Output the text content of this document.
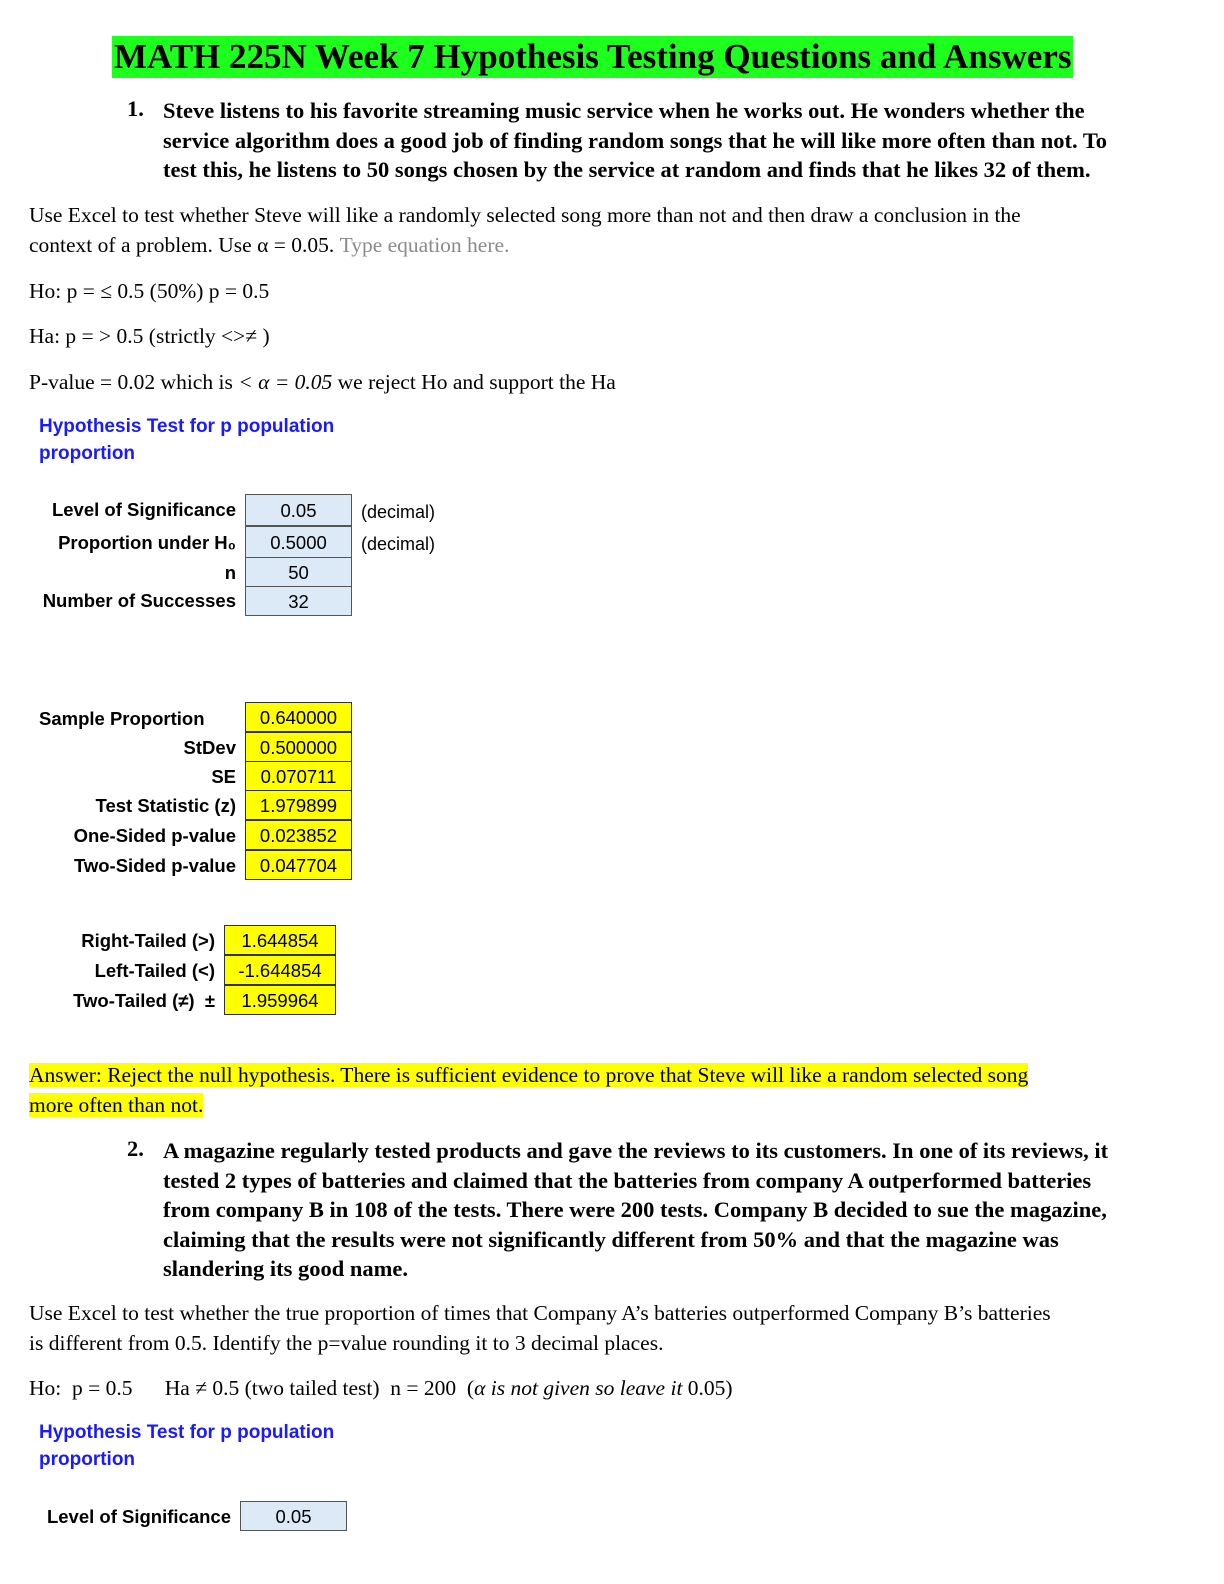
MATH 225N Week 7 Hypothesis Testing Questions and Answers
1. Steve listens to his favorite streaming music service when he works out. He wonders whether the
service algorithm does a good job of finding random songs that he will like more often than not. To
test this, he listens to 50 songs chosen by the service at random and finds that he likes 32 of them.
Use Excel to test whether Steve will like a randomly selected song more than not and then draw a conclusion in the
context of a problem. Use α = 0.05. Type equation here.
Ho: p = ≤ 0.5 (50%) p = 0.5
Ha: p = > 0.5 (strictly <>≠ )
P-value = 0.02 which is < α = 0.05 we reject Ho and support the Ha
Hypothesis Test for p population
proportion
Level of Significance	0.05	(decimal)
Proportion under H₀	0.5000	(decimal)
n	50
Number of Successes	32
Sample Proportion	0.640000
StDev	0.500000
SE	0.070711
Test Statistic (z)	1.979899
One-Sided p-value	0.023852
Two-Sided p-value	0.047704
Right-Tailed (>)	1.644854
Left-Tailed (<)	-1.644854
Two-Tailed (≠)  ±	1.959964
Answer: Reject the null hypothesis. There is sufficient evidence to prove that Steve will like a random selected song
more often than not.
2. A magazine regularly tested products and gave the reviews to its customers. In one of its reviews, it
tested 2 types of batteries and claimed that the batteries from company A outperformed batteries
from company B in 108 of the tests. There were 200 tests. Company B decided to sue the magazine,
claiming that the results were not significantly different from 50% and that the magazine was
slandering its good name.
Use Excel to test whether the true proportion of times that Company A’s batteries outperformed Company B’s batteries
is different from 0.5. Identify the p=value rounding it to 3 decimal places.
Ho:  p = 0.5      Ha ≠ 0.5 (two tailed test)  n = 200  (α is not given so leave it 0.05)
Hypothesis Test for p population
proportion
Level of Significance	0.05
